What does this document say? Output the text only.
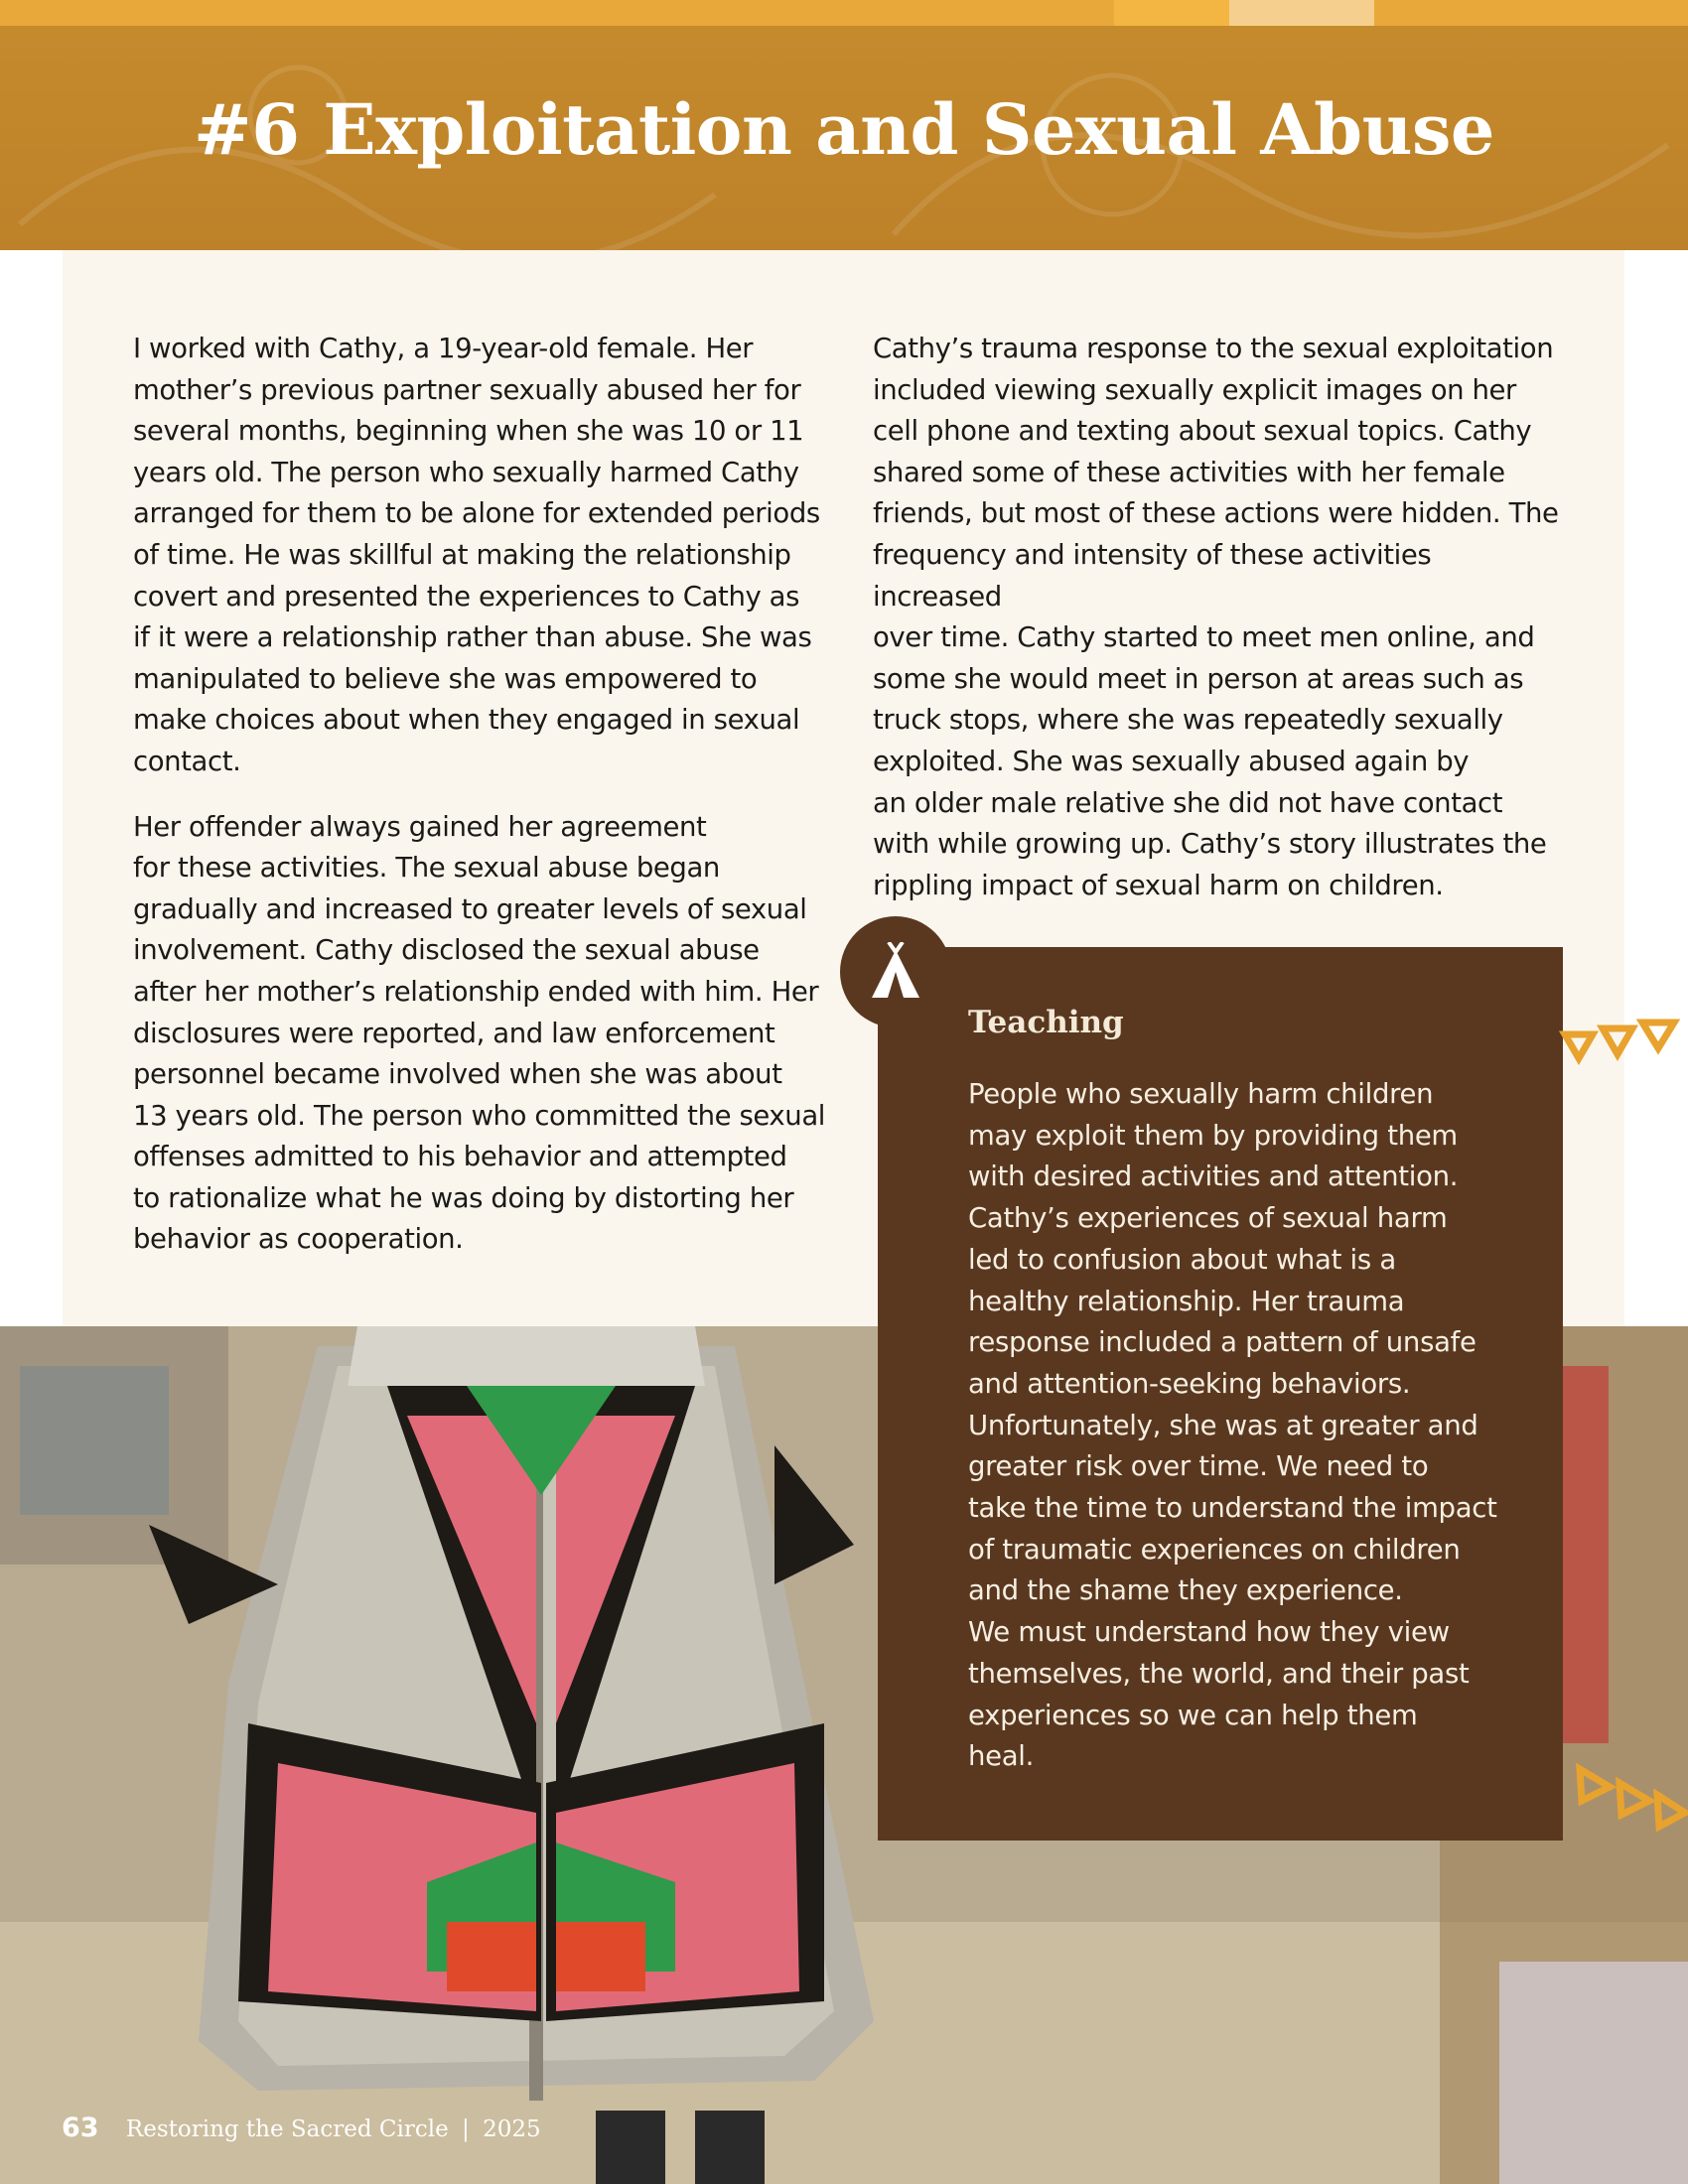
#6 Exploitation and Sexual Abuse

I worked with Cathy, a 19-year-old female. Her
mother’s previous partner sexually abused her for
several months, beginning when she was 10 or 11
years old. The person who sexually harmed Cathy
arranged for them to be alone for extended periods
of time. He was skillful at making the relationship
covert and presented the experiences to Cathy as
if it were a relationship rather than abuse. She was
manipulated to believe she was empowered to
make choices about when they engaged in sexual
contact.

Her offender always gained her agreement
for these activities. The sexual abuse began
gradually and increased to greater levels of sexual
involvement. Cathy disclosed the sexual abuse
after her mother’s relationship ended with him. Her
disclosures were reported, and law enforcement
personnel became involved when she was about
13 years old. The person who committed the sexual
offenses admitted to his behavior and attempted
to rationalize what he was doing by distorting her
behavior as cooperation.

Cathy’s trauma response to the sexual exploitation
included viewing sexually explicit images on her
cell phone and texting about sexual topics. Cathy
shared some of these activities with her female
friends, but most of these actions were hidden. The
frequency and intensity of these activities increased
over time. Cathy started to meet men online, and
some she would meet in person at areas such as
truck stops, where she was repeatedly sexually
exploited. She was sexually abused again by
an older male relative she did not have contact
with while growing up. Cathy’s story illustrates the
rippling impact of sexual harm on children.

Teaching
People who sexually harm children
may exploit them by providing them
with desired activities and attention.
Cathy’s experiences of sexual harm
led to confusion about what is a
healthy relationship. Her trauma
response included a pattern of unsafe
and attention-seeking behaviors.
Unfortunately, she was at greater and
greater risk over time. We need to
take the time to understand the impact
of traumatic experiences on children
and the shame they experience.
We must understand how they view
themselves, the world, and their past
experiences so we can help them
heal.
63 Restoring the Sacred Circle | 2025
